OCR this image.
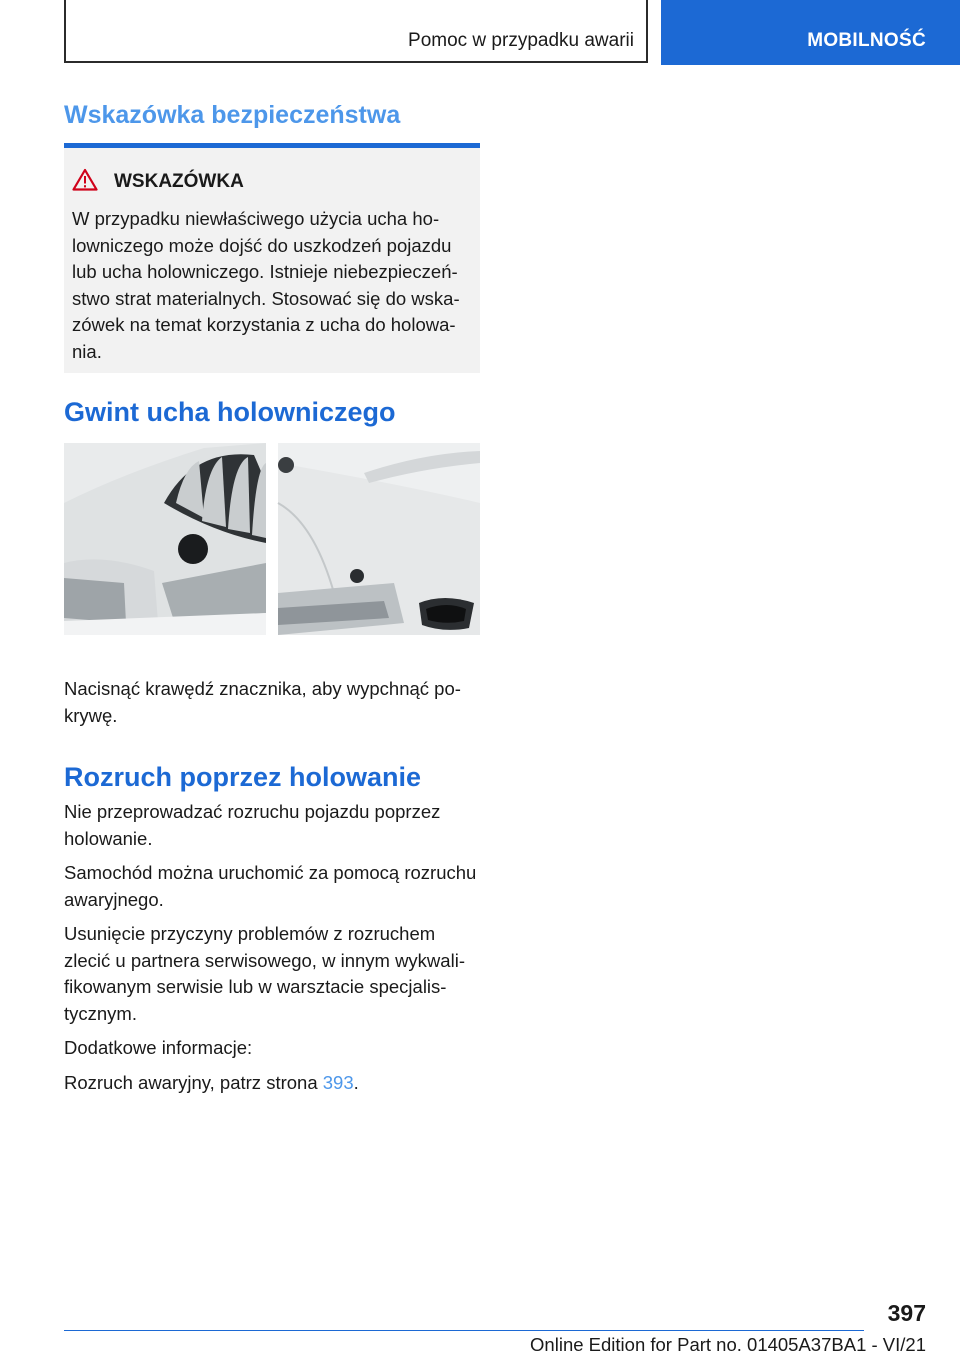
Pomoc w przypadku awarii	MOBILNOŚĆ
Wskazówka bezpieczeństwa
WSKAZÓWKA
W przypadku niewłaściwego użycia ucha holowniczego może dojść do uszkodzeń pojazdu lub ucha holowniczego. Istnieje niebezpieczeństwo strat materialnych. Stosować się do wskazówek na temat korzystania z ucha do holowania.
Gwint ucha holowniczego

Nacisnąć krawędź znacznika, aby wypchnąć pokrywę.

Rozruch poprzez holowanie

Nie przeprowadzać rozruchu pojazdu poprzez holowanie.

Samochód można uruchomić za pomocą rozruchu awaryjnego.

Usunięcie przyczyny problemów z rozruchem zlecić u partnera serwisowego, w innym wykwalifikowanym serwisie lub w warsztacie specjalistycznym.

Dodatkowe informacje:

Rozruch awaryjny, patrz strona 393.

397
Online Edition for Part no. 01405A37BA1 - VI/21
